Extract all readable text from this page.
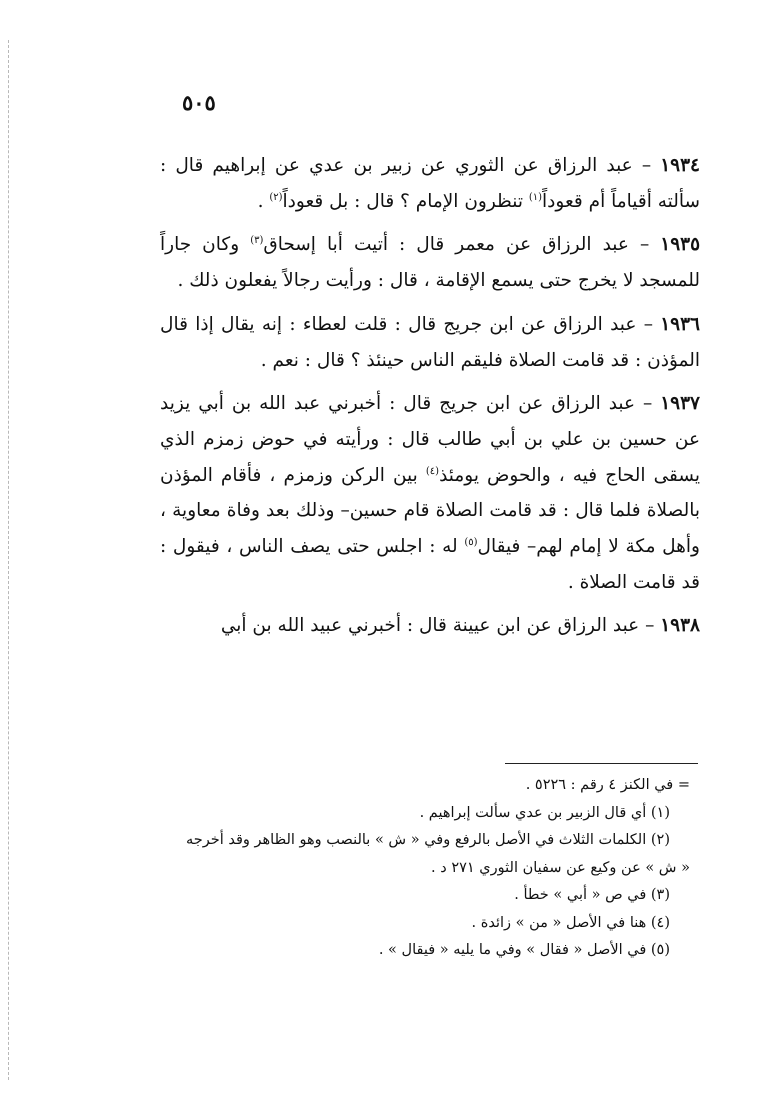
٥٠٥

١٩٣٤ – عبد الرزاق عن الثوري عن زبير بن عدي عن إبراهيم قال : سألته أقياماً أم قعوداً$^{(١)}$ تنظرون الإمام ؟ قال : بل قعوداً$^{(٢)}$ .

١٩٣٥ – عبد الرزاق عن معمر قال : أتيت أبا إسحاق$^{(٣)}$ وكان جاراً للمسجد لا يخرج حتى يسمع الإقامة ، قال : ورأيت رجالاً يفعلون ذلك .

١٩٣٦ – عبد الرزاق عن ابن جريج قال : قلت لعطاء : إنه يقال إذا قال المؤذن : قد قامت الصلاة فليقم الناس حينئذ ؟ قال : نعم .

١٩٣٧ – عبد الرزاق عن ابن جريج قال : أخبرني عبد الله بن أبي يزيد عن حسين بن علي بن أبي طالب قال : ورأيته في حوض زمزم الذي يسقى الحاج فيه ، والحوض يومئذ$^{(٤)}$ بين الركن وزمزم ، فأقام المؤذن بالصلاة فلما قال : قد قامت الصلاة قام حسين– وذلك بعد وفاة معاوية ، وأهل مكة لا إمام لهم– فيقال$^{(٥)}$ له : اجلس حتى يصف الناس ، فيقول : قد قامت الصلاة .

١٩٣٨ – عبد الرزاق عن ابن عيينة قال : أخبرني عبيد الله بن أبي

= في الكنز ٤ رقم : ٥٢٢٦ .

(١) أي قال الزبير بن عدي سألت إبراهيم .

(٢) الكلمات الثلاث في الأصل بالرفع وفي « ش » بالنصب وهو الظاهر وقد أخرجه

« ش » عن وكيع عن سفيان الثوري ٢٧١ د .

(٣) في ص « أبي » خطأ .

(٤) هنا في الأصل « من » زائدة .

(٥) في الأصل « فقال » وفي ما يليه « فيقال » .
